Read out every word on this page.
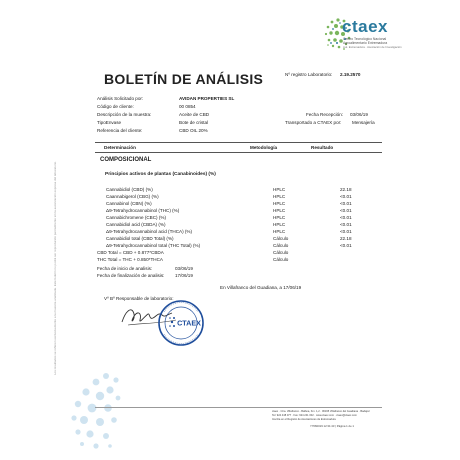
ctaex
Centro Tecnológico Nacional
Agroalimentario Extremadura
Aut. Extremadura · Asociación de Investigación
Nº registro Laboratorio: 2.19.2570
BOLETÍN DE ANÁLISIS
Los resultados se refieren exclusivamente a la muestra analizada. Este boletín no podrá ser reproducido parcialmente sin la autorización expresa del laboratorio.
Análisis Solicitado por:	AVIDAN PROPERTIES SL
Código de cliente:	00 0854
Descripción de la muestra:	Aceite de CBD
TipoEnvase	Bote de cristal
Referencia del cliente:	CBD OIL 20%
Fecha Recepción: 03/06/19
Transportado a CTAEX por: Mensajería
Determinación	Metodología	Resultado
COMPOSICIONAL
Principios activos de plantas (Canabinoides) (%)
Cannabidiol (CBD) (%)	HPLC	22.18
Caannabigerol (CBG) (%)	HPLC	<0.01
Cannabinol (CBN) (%)	HPLC	<0.01
Δ9-Tetrahydrocannabinol (THC) (%)	HPLC	<0.01
Cannabichromene (CBC) (%)	HPLC	<0.01
Cannabidiol acid (CBDA) (%)	HPLC	<0.01
Δ9-Tetrahydrocannabinol acid (THCA) (%)	HPLC	<0.01
Cannabidiol total (CBD Total) (%)	Cálculo	22.18
Δ9-Tetrahydrocannabinol total (THC Total) (%)	Cálculo	<0.01
CBD Total = CBD + 0.877*CBDA	Cálculo
THC Total = THC + 0.850*THCA	Cálculo
Fecha de inicio de analisis:	03/06/19
Fecha de finalización de analisis: 17/06/19
En Villafranco del Guadiana, a 17/06/19
Vº Bº Responsable de laboratorio:
CTAEX
ctaex · Ctra. Villafranco - Balboa, Km. 1,2 · 06195 Villafranco del Guadiana · Badajoz
Tel: 924 448 077 · Fax: 924 241 002 · www.ctaex.com · ctaex@ctaex.com
Inscrita en el Registro de Asociaciones de Extremadura
Y7682019 12:31:43 | Página 1 de 1
